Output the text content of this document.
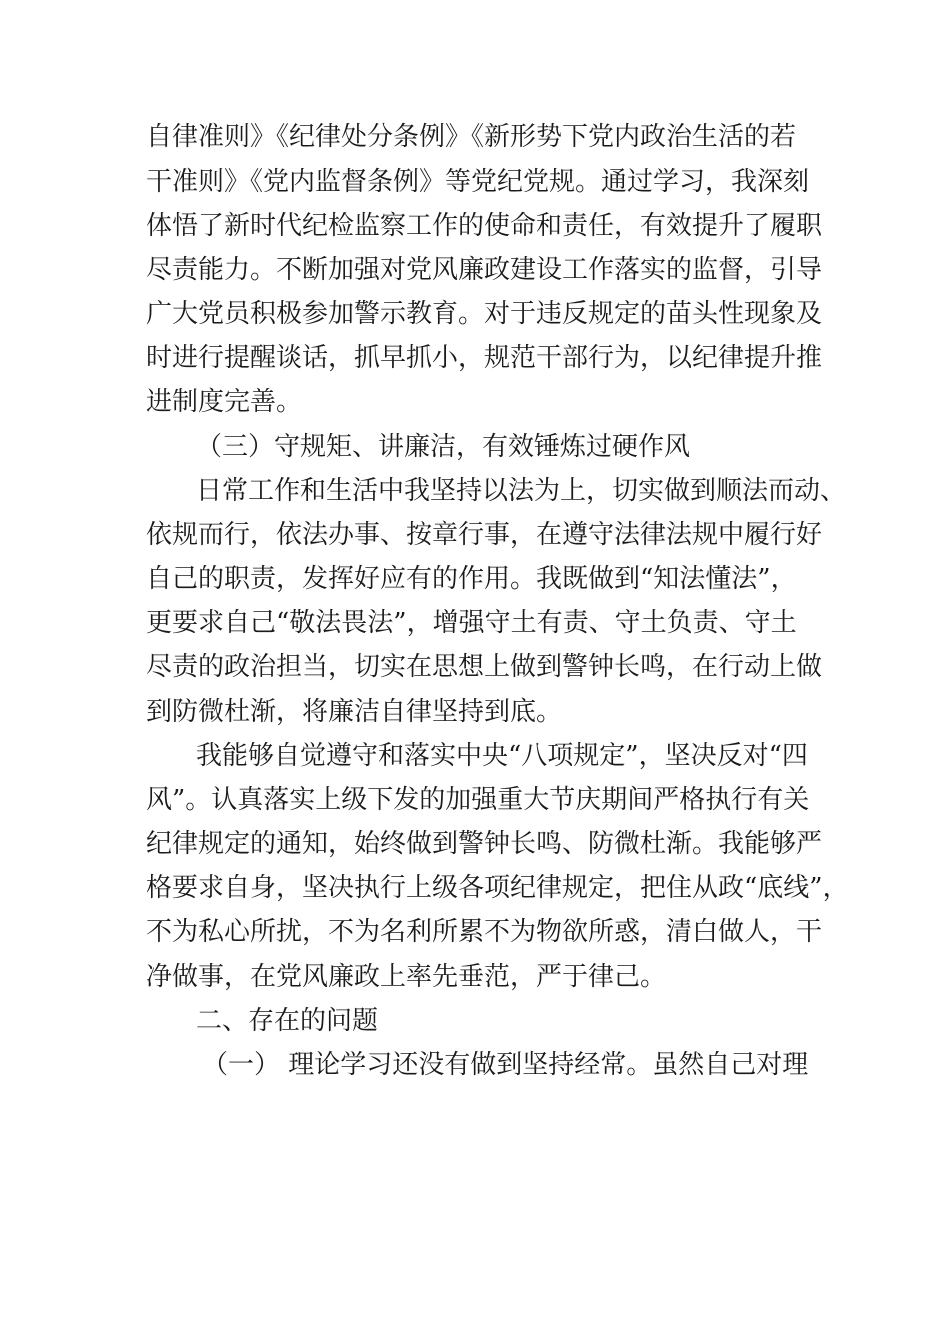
自律准则》《纪律处分条例》《新形势下党内政治生活的若
干准则》《党内监督条例》等党纪党规。通过学习，我深刻
体悟了新时代纪检监察工作的使命和责任，有效提升了履职
尽责能力。不断加强对党风廉政建设工作落实的监督，引导
广大党员积极参加警示教育。对于违反规定的苗头性现象及
时进行提醒谈话，抓早抓小，规范干部行为，以纪律提升推
进制度完善。
（三）守规矩、讲廉洁，有效锤炼过硬作风
日常工作和生活中我坚持以法为上，切实做到顺法而动、
依规而行，依法办事、按章行事，在遵守法律法规中履行好
自己的职责，发挥好应有的作用。我既做到“知法懂法”，
更要求自己“敬法畏法”，增强守土有责、守土负责、守土
尽责的政治担当，切实在思想上做到警钟长鸣，在行动上做
到防微杜渐，将廉洁自律坚持到底。
我能够自觉遵守和落实中央“八项规定”，坚决反对“四
风”。认真落实上级下发的加强重大节庆期间严格执行有关
纪律规定的通知，始终做到警钟长鸣、防微杜渐。我能够严
格要求自身，坚决执行上级各项纪律规定，把住从政“底线”，
不为私心所扰，不为名利所累不为物欲所惑，清白做人，干
净做事，在党风廉政上率先垂范，严于律己。
二、存在的问题
（一） 理论学习还没有做到坚持经常。虽然自己对理
